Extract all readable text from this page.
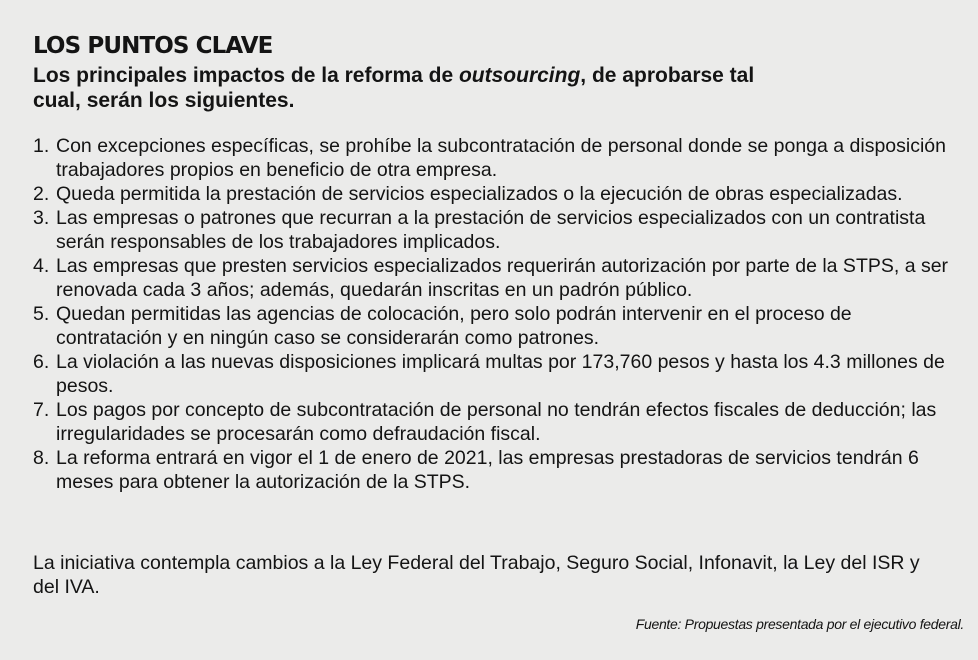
LOS PUNTOS CLAVE
Los principales impactos de la reforma de outsourcing, de aprobarse tal cual, serán los siguientes.
1. Con excepciones específicas, se prohíbe la subcontratación de personal donde se ponga a disposición trabajadores propios en beneficio de otra empresa.
2. Queda permitida la prestación de servicios especializados o la ejecución de obras especializadas.
3. Las empresas o patrones que recurran a la prestación de servicios especializados con un contratista serán responsables de los trabajadores implicados.
4. Las empresas que presten servicios especializados requerirán autorización por parte de la STPS, a ser renovada cada 3 años; además, quedarán inscritas en un padrón público.
5. Quedan permitidas las agencias de colocación, pero solo podrán intervenir en el proceso de contratación y en ningún caso se considerarán como patrones.
6. La violación a las nuevas disposiciones implicará multas por 173,760 pesos y hasta los 4.3 millones de pesos.
7. Los pagos por concepto de subcontratación de personal no tendrán efectos fiscales de deducción; las irregularidades se procesarán como defraudación fiscal.
8. La reforma entrará en vigor el 1 de enero de 2021, las empresas prestadoras de servicios tendrán 6 meses para obtener la autorización de la STPS.
La iniciativa contempla cambios a la Ley Federal del Trabajo, Seguro Social, Infonavit, la Ley del ISR y del IVA.
Fuente: Propuestas presentada por el ejecutivo federal.
